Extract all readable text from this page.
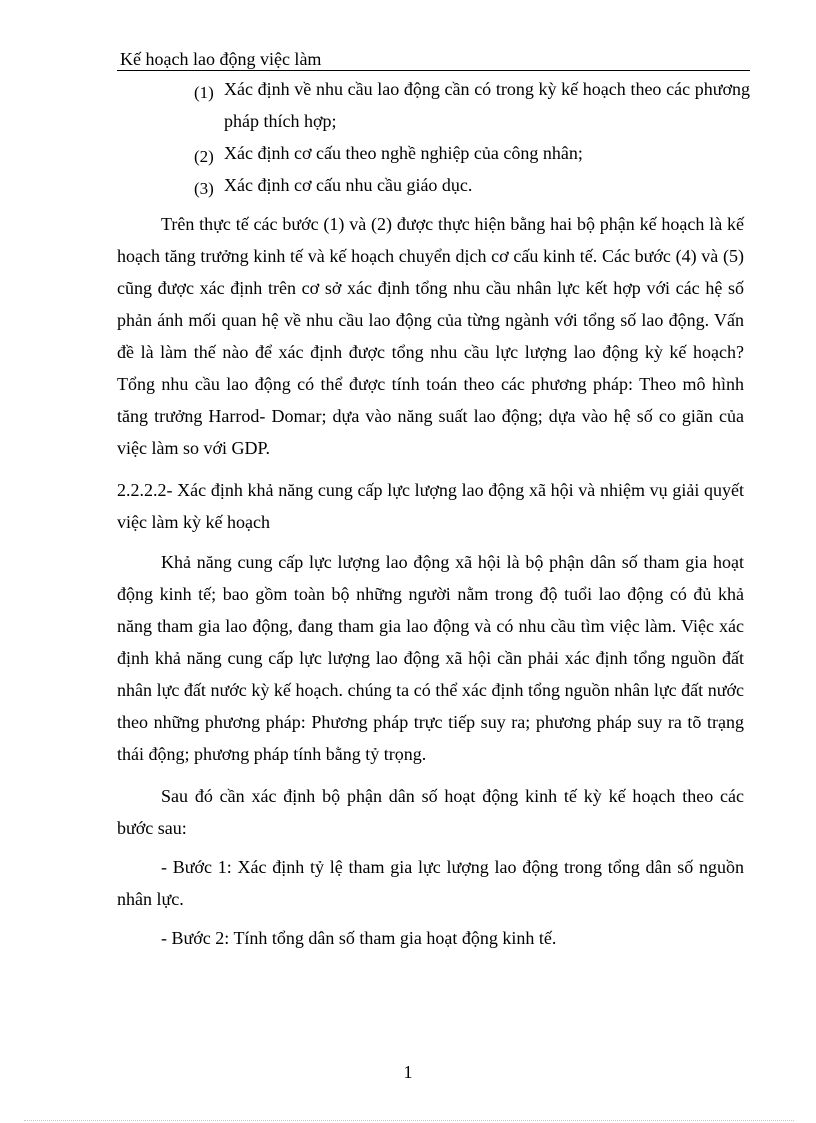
Kế hoạch lao động việc làm
(1) Xác định về nhu cầu lao động cần có trong kỳ kế hoạch theo các phương pháp thích hợp;
(2) Xác định cơ cấu theo nghề nghiệp của công nhân;
(3) Xác định cơ cấu nhu cầu giáo dục.

Trên thực tế các bước (1) và (2) được thực hiện bằng hai bộ phận kế hoạch là kế hoạch tăng trưởng kinh tế và kế hoạch chuyển dịch cơ cấu kinh tế. Các bước (4) và (5) cũng được xác định trên cơ sở xác định tổng nhu cầu nhân lực kết hợp với các hệ số phản ánh mối quan hệ về nhu cầu lao động của từng ngành với tổng số lao động. Vấn đề là làm thế nào để xác định được tổng nhu cầu lực lượng lao động kỳ kế hoạch? Tổng nhu cầu lao động có thể được tính toán theo các phương pháp: Theo mô hình tăng trưởng Harrod- Domar; dựa vào năng suất lao động; dựa vào hệ số co giãn của việc làm so với GDP.

2.2.2.2- Xác định khả năng cung cấp lực lượng lao động xã hội và nhiệm vụ giải quyết việc làm kỳ kế hoạch

Khả năng cung cấp lực lượng lao động xã hội là bộ phận dân số tham gia hoạt động kinh tế; bao gồm toàn bộ những người nằm trong độ tuổi lao động có đủ khả năng tham gia lao động, đang tham gia lao động và có nhu cầu tìm việc làm. Việc xác định khả năng cung cấp lực lượng lao động xã hội cần phải xác định tổng nguồn đất nhân lực đất nước kỳ kế hoạch. chúng ta có thể xác định tổng nguồn nhân lực đất nước theo những phương pháp: Phương pháp trực tiếp suy ra; phương pháp suy ra tõ trạng thái động; phương pháp tính bằng tỷ trọng.

Sau đó cần xác định bộ phận dân số hoạt động kinh tế kỳ kế hoạch theo các bước sau:

- Bước 1: Xác định tỷ lệ tham gia lực lượng lao động trong tổng dân số nguồn nhân lực.

- Bước 2: Tính tổng dân số tham gia hoạt động kinh tế.

1
